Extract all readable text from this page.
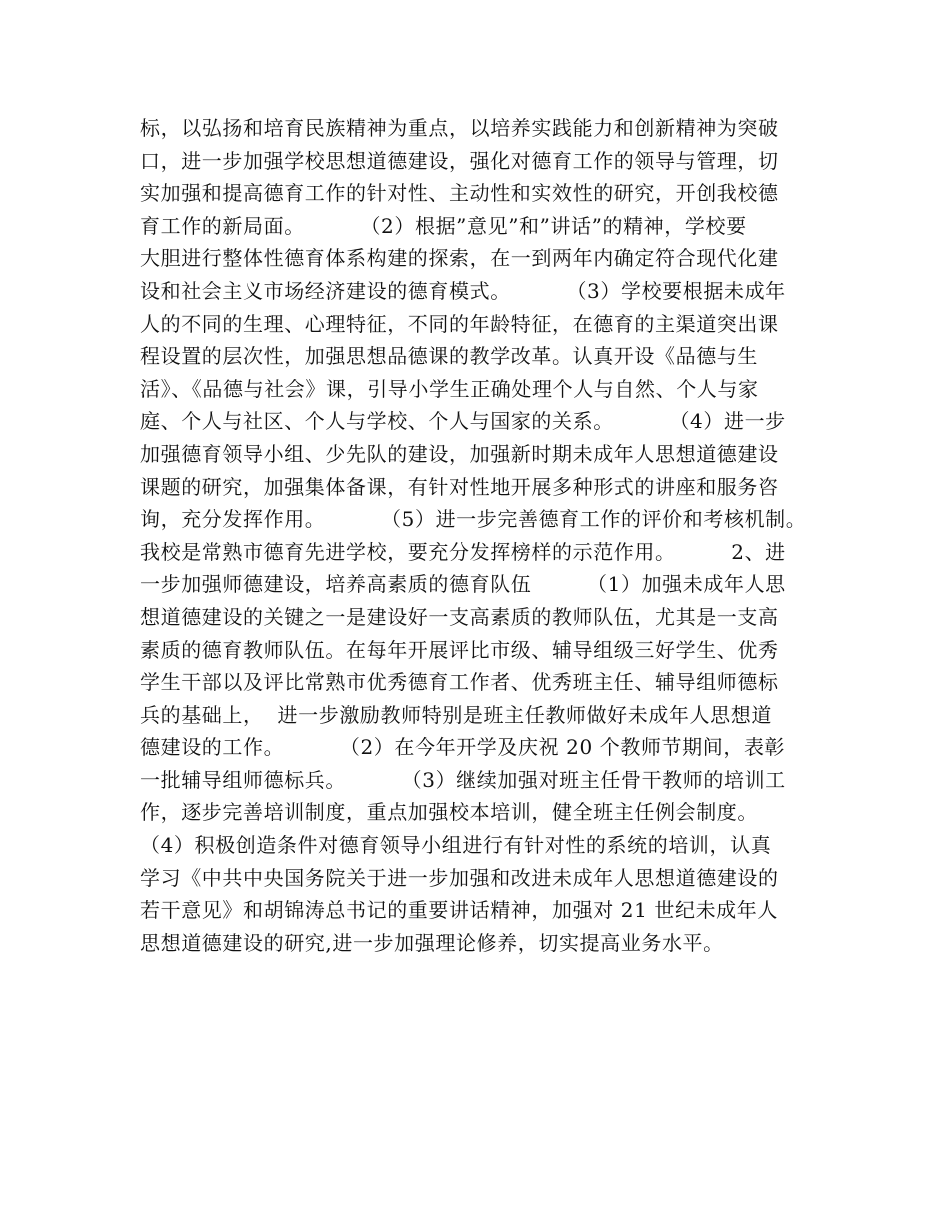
标，以弘扬和培育民族精神为重点，以培养实践能力和创新精神为突破
口，进一步加强学校思想道德建设，强化对德育工作的领导与管理，切
实加强和提高德育工作的针对性、主动性和实效性的研究，开创我校德
育工作的新局面。        （2）根据”意见”和”讲话”的精神，学校要
大胆进行整体性德育体系构建的探索，在一到两年内确定符合现代化建
设和社会主义市场经济建设的德育模式。        （3）学校要根据未成年
人的不同的生理、心理特征，不同的年龄特征，在德育的主渠道突出课
程设置的层次性，加强思想品德课的教学改革。认真开设《品德与生
活》、《品德与社会》课，引导小学生正确处理个人与自然、个人与家
庭、个人与社区、个人与学校、个人与国家的关系。        （4）进一步
加强德育领导小组、少先队的建设，加强新时期未成年人思想道德建设
课题的研究，加强集体备课，有针对性地开展多种形式的讲座和服务咨
询，充分发挥作用。        （5）进一步完善德育工作的评价和考核机制。
我校是常熟市德育先进学校，要充分发挥榜样的示范作用。        2、进
一步加强师德建设，培养高素质的德育队伍        （1）加强未成年人思
想道德建设的关键之一是建设好一支高素质的教师队伍，尤其是一支高
素质的德育教师队伍。在每年开展评比市级、辅导组级三好学生、优秀
学生干部以及评比常熟市优秀德育工作者、优秀班主任、辅导组师德标
兵的基础上，  进一步激励教师特别是班主任教师做好未成年人思想道
德建设的工作。        （2）在今年开学及庆祝 20 个教师节期间，表彰
一批辅导组师德标兵。        （3）继续加强对班主任骨干教师的培训工
作，逐步完善培训制度，重点加强校本培训，健全班主任例会制度。
（4）积极创造条件对德育领导小组进行有针对性的系统的培训，认真
学习《中共中央国务院关于进一步加强和改进未成年人思想道德建设的
若干意见》和胡锦涛总书记的重要讲话精神，加强对 21 世纪未成年人
思想道德建设的研究,进一步加强理论修养，切实提高业务水平。
